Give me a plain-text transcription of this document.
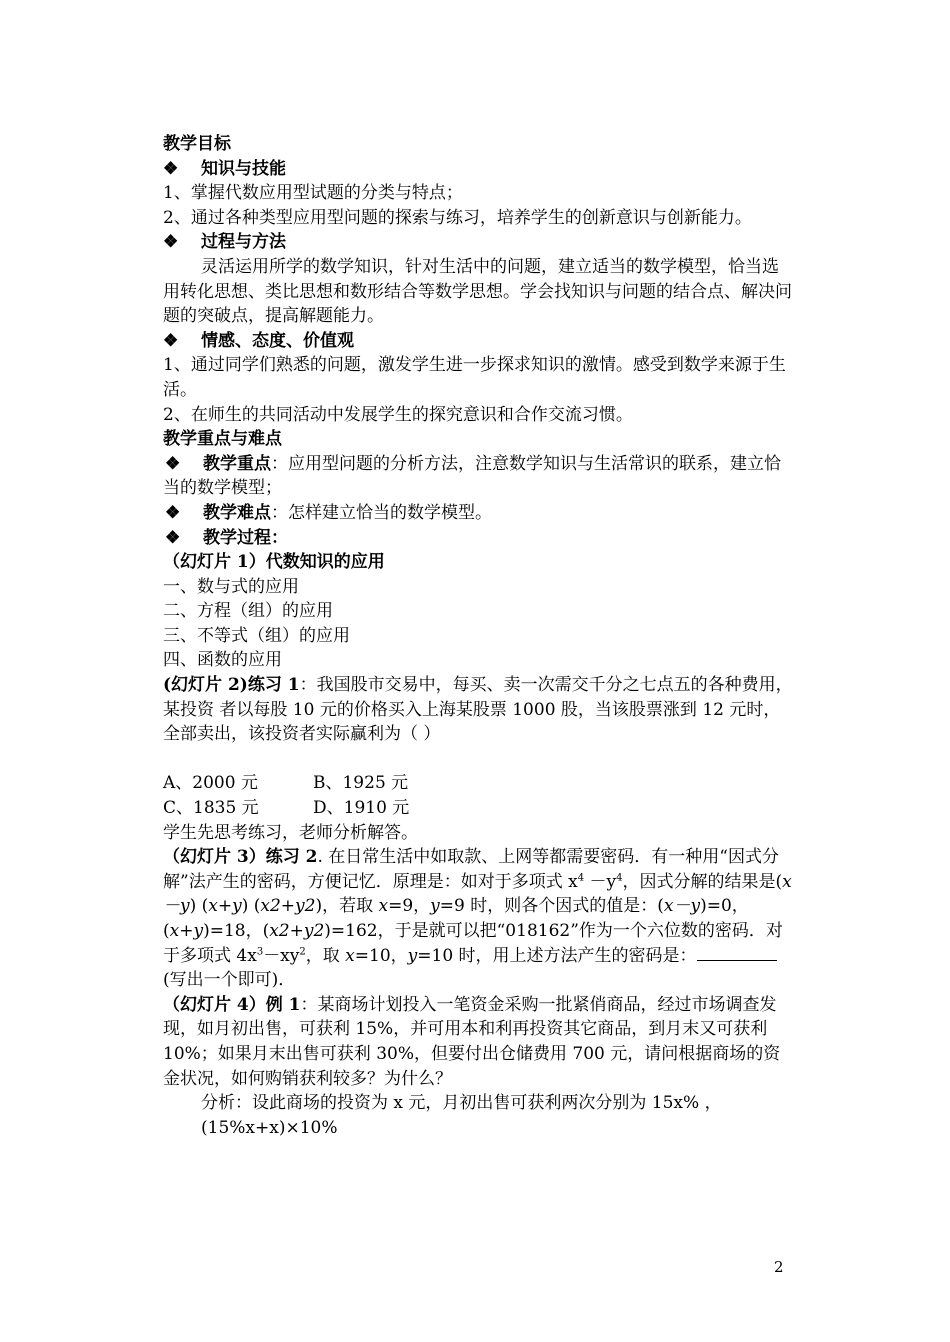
教学目标

❖ 知识与技能

1、掌握代数应用型试题的分类与特点；

2、通过各种类型应用型问题的探索与练习，培养学生的创新意识与创新能力。

❖ 过程与方法

灵活运用所学的数学知识，针对生活中的问题，建立适当的数学模型，恰当选用转化思想、类比思想和数形结合等数学思想。学会找知识与问题的结合点、解决问题的突破点，提高解题能力。

❖ 情感、态度、价值观

1、通过同学们熟悉的问题，激发学生进一步探求知识的激情。感受到数学来源于生活。

2、在师生的共同活动中发展学生的探究意识和合作交流习惯。

教学重点与难点

❖ 教学重点：应用型问题的分析方法，注意数学知识与生活常识的联系，建立恰当的数学模型；

❖ 教学难点：怎样建立恰当的数学模型。

❖ 教学过程：

（幻灯片 1）代数知识的应用

一、数与式的应用

二、方程（组）的应用

三、不等式（组）的应用

四、函数的应用

(幻灯片 2)练习 1：我国股市交易中，每买、卖一次需交千分之七点五的各种费用，某投资 者以每股 10 元的价格买入上海某股票 1000 股，当该股票涨到 12 元时，全部卖出，该投资者实际赢利为（ ）

A、2000 元	B、1925 元

C、1835 元	D、1910 元

学生先思考练习，老师分析解答。

（幻灯片 3）练习 2. 在日常生活中如取款、上网等都需要密码．有一种用“因式分解”法产生的密码，方便记忆．原理是：如对于多项式 $x^4 -y^4$，因式分解的结果是(x－y) (x+y) (x2+y2)，若取 x=9，y=9 时，则各个因式的值是：(x－y)=0，(x+y)=18，(x2+y2)=162，于是就可以把“018162”作为一个六位数的密码．对于多项式 $4x^3-xy^2$，取 x=10，y=10 时，用上述方法产生的密码是：(写出一个即可)．

（幻灯片 4）例 1：某商场计划投入一笔资金采购一批紧俏商品，经过市场调查发现，如月初出售，可获利 15%，并可用本和利再投资其它商品，到月末又可获利 10%；如果月末出售可获利 30%，但要付出仓储费用 700 元，请问根据商场的资金状况，如何购销获利较多？为什么？

分析：设此商场的投资为 x 元，月初出售可获利两次分别为 15x% ，

(15%x+x)×10%

2
